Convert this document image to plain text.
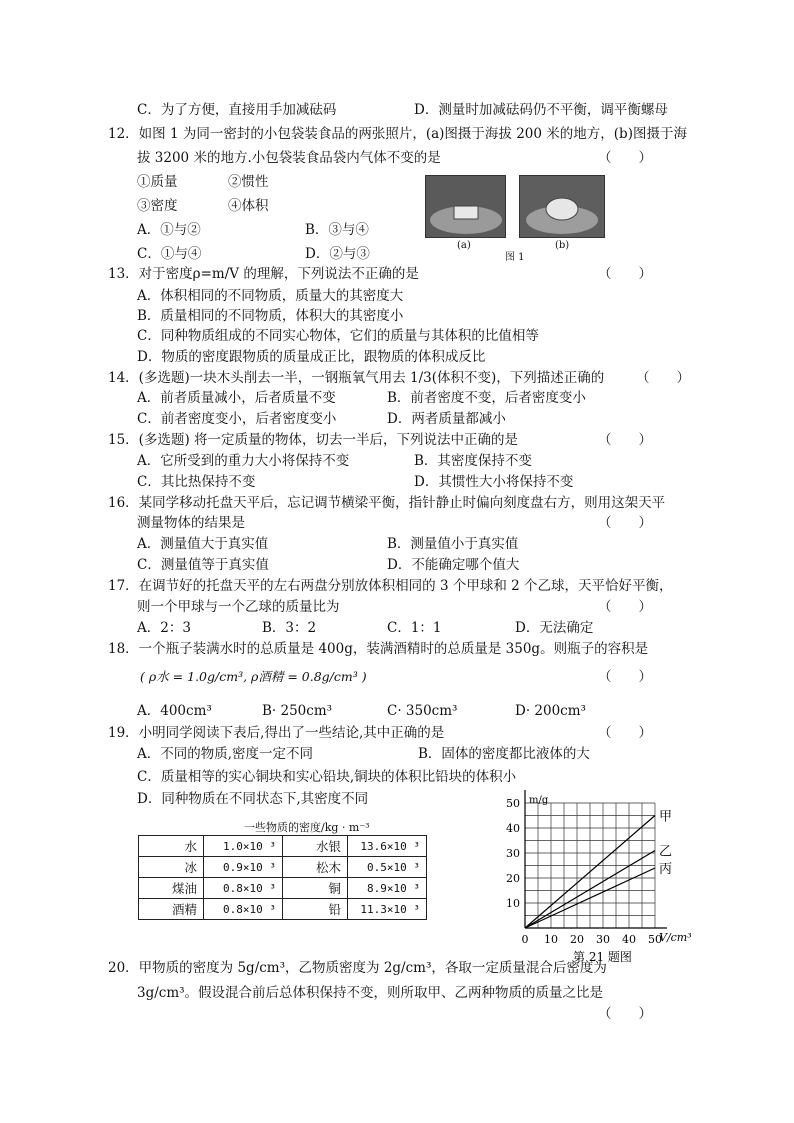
C．为了方便，直接用手加减砝码	D．测量时加减砝码仍不平衡，调平衡螺母
12．如图 1 为同一密封的小包袋装食品的两张照片，(a)图摄于海拔 200 米的地方，(b)图摄于海
拔 3200 米的地方.小包袋装食品袋内气体不变的是	（　　）
①质量	②惯性
③密度	④体积
A．①与②	B．③与④
C．①与④	D．②与③
(a)	(b)
图 1
13．对于密度ρ=m/V 的理解，下列说法不正确的是	（　　）
A．体积相同的不同物质，质量大的其密度大
B．质量相同的不同物质，体积大的其密度小
C．同种物质组成的不同实心物体，它们的质量与其体积的比值相等
D．物质的密度跟物质的质量成正比，跟物质的体积成反比
14．(多选题)一块木头削去一半，一钢瓶氧气用去 1/3(体积不变)，下列描述正确的 （　　）
A．前者质量减小，后者质量不变	B．前者密度不变，后者密度变小
C．前者密度变小，后者密度变小	D．两者质量都减小
15．(多选题) 将一定质量的物体，切去一半后，下列说法中正确的是	（　　）
A．它所受到的重力大小将保持不变	B．其密度保持不变
C．其比热保持不变	D．其惯性大小将保持不变
16．某同学移动托盘天平后，忘记调节横梁平衡，指针静止时偏向刻度盘右方，则用这架天平
测量物体的结果是	（　　）
A．测量值大于真实值	B．测量值小于真实值
C．测量值等于真实值	D．不能确定哪个值大
17．在调节好的托盘天平的左右两盘分别放体积相同的 3 个甲球和 2 个乙球，天平恰好平衡，
则一个甲球与一个乙球的质量比为	（　　）
A．2：3	B．3：2	C．1：1	D．无法确定
18．一个瓶子装满水时的总质量是 400g，装满酒精时的总质量是 350g。则瓶子的容积是
( ρ水 = 1.0g/cm³, ρ酒精 = 0.8g/cm³ )	（　　）
A．400cm³	B· 250cm³	C· 350cm³	D· 200cm³
19．小明同学阅读下表后,得出了一些结论,其中正确的是	（　　）
A．不同的物质,密度一定不同	B．固体的密度都比液体的大
C．质量相等的实心铜块和实心铅块,铜块的体积比铅块的体积小
D．同种物质在不同状态下,其密度不同
一些物质的密度/kg · m⁻³
水	1.0×10 ³	水银	13.6×10 ³
冰	0.9×10 ³	松木	0.5×10 ³
煤油	0.8×10 ³	铜	8.9×10 ³
酒精	0.8×10 ³	铅	11.3×10 ³
0 10 20 30 40 50
10
20
30
40
50 m/g
V/cm³
甲
乙
丙
第 21 题图
20．甲物质的密度为 5g/cm³，乙物质密度为 2g/cm³，各取一定质量混合后密度为
3g/cm³。假设混合前后总体积保持不变，则所取甲、乙两种物质的质量之比是
（　　）
